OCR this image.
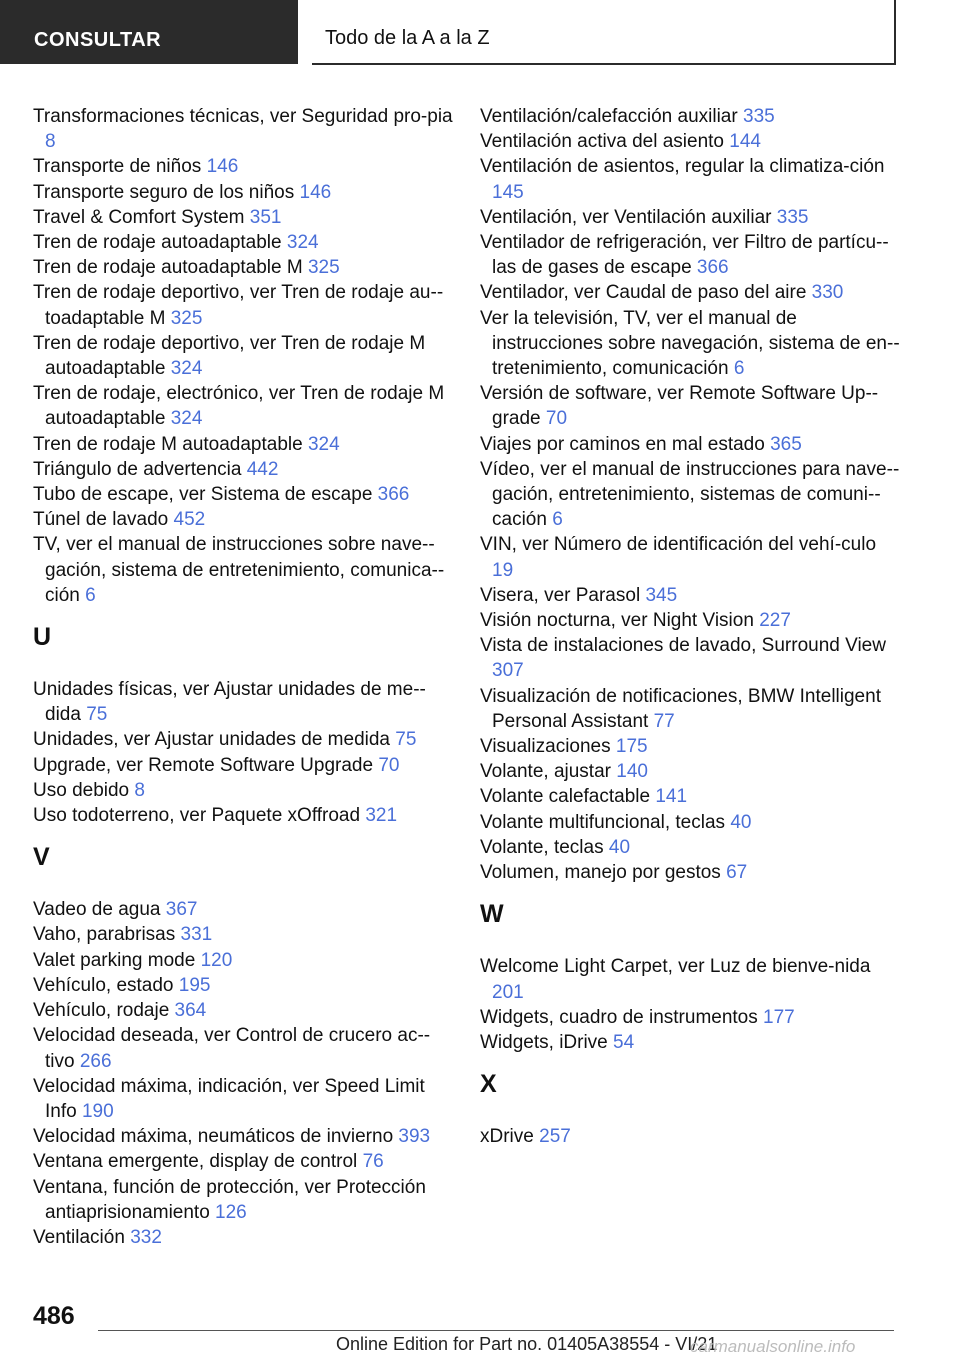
CONSULTAR	Todo de la A a la Z
Transformaciones técnicas, ver Seguridad pro-pia 8
Transporte de niños 146
Transporte seguro de los niños 146
Travel & Comfort System 351
Tren de rodaje autoadaptable 324
Tren de rodaje autoadaptable M 325
Tren de rodaje deportivo, ver Tren de rodaje au-toadaptable M 325
Tren de rodaje deportivo, ver Tren de rodaje M autoadaptable 324
Tren de rodaje, electrónico, ver Tren de rodaje M autoadaptable 324
Tren de rodaje M autoadaptable 324
Triángulo de advertencia 442
Tubo de escape, ver Sistema de escape 366
Túnel de lavado 452
TV, ver el manual de instrucciones sobre nave-gación, sistema de entretenimiento, comunica-ción 6
U
Unidades físicas, ver Ajustar unidades de me-dida 75
Unidades, ver Ajustar unidades de medida 75
Upgrade, ver Remote Software Upgrade 70
Uso debido 8
Uso todoterreno, ver Paquete xOffroad 321
V
Vadeo de agua 367
Vaho, parabrisas 331
Valet parking mode 120
Vehículo, estado 195
Vehículo, rodaje 364
Velocidad deseada, ver Control de crucero ac-tivo 266
Velocidad máxima, indicación, ver Speed Limit Info 190
Velocidad máxima, neumáticos de invierno 393
Ventana emergente, display de control 76
Ventana, función de protección, ver Protección antiaprisionamiento 126
Ventilación 332
Ventilación/calefacción auxiliar 335
Ventilación activa del asiento 144
Ventilación de asientos, regular la climatiza-ción 145
Ventilación, ver Ventilación auxiliar 335
Ventilador de refrigeración, ver Filtro de partícu-las de gases de escape 366
Ventilador, ver Caudal de paso del aire 330
Ver la televisión, TV, ver el manual de instrucciones sobre navegación, sistema de en-tretenimiento, comunicación 6
Versión de software, ver Remote Software Up-grade 70
Viajes por caminos en mal estado 365
Vídeo, ver el manual de instrucciones para nave-gación, entretenimiento, sistemas de comuni-cación 6
VIN, ver Número de identificación del vehí-culo 19
Visera, ver Parasol 345
Visión nocturna, ver Night Vision 227
Vista de instalaciones de lavado, Surround View 307
Visualización de notificaciones, BMW Intelligent Personal Assistant 77
Visualizaciones 175
Volante, ajustar 140
Volante calefactable 141
Volante multifuncional, teclas 40
Volante, teclas 40
Volumen, manejo por gestos 67
W
Welcome Light Carpet, ver Luz de bienve-nida 201
Widgets, cuadro de instrumentos 177
Widgets, iDrive 54
X
xDrive 257
486
Online Edition for Part no. 01405A38554 - VI/21
carmanualsonline.info
